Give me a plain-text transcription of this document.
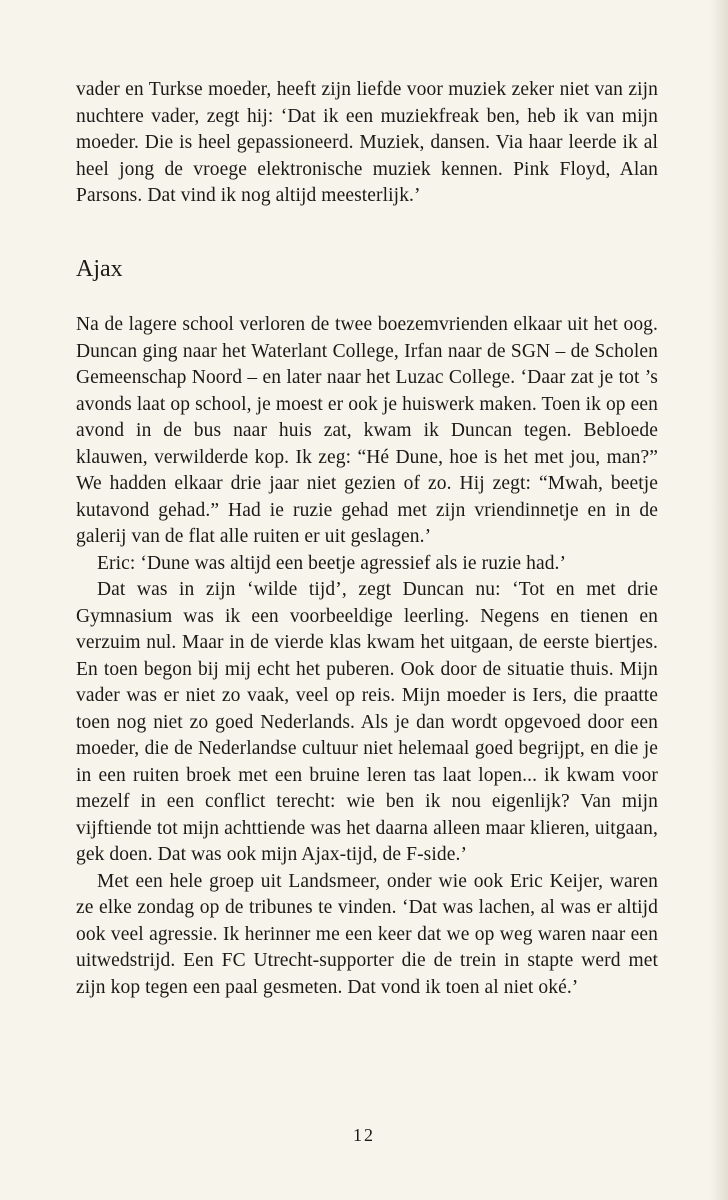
vader en Turkse moeder, heeft zijn liefde voor muziek zeker niet van zijn nuchtere vader, zegt hij: ‘Dat ik een muziekfreak ben, heb ik van mijn moeder. Die is heel gepassioneerd. Muziek, dansen. Via haar leerde ik al heel jong de vroege elektronische muziek kennen. Pink Floyd, Alan Parsons. Dat vind ik nog altijd meesterlijk.’

Ajax

Na de lagere school verloren de twee boezemvrienden elkaar uit het oog. Duncan ging naar het Waterlant College, Irfan naar de SGN – de Scholen Gemeenschap Noord – en later naar het Luzac College. ‘Daar zat je tot ’s avonds laat op school, je moest er ook je huiswerk maken. Toen ik op een avond in de bus naar huis zat, kwam ik Duncan tegen. Bebloede klauwen, verwilderde kop. Ik zeg: “Hé Dune, hoe is het met jou, man?” We hadden elkaar drie jaar niet gezien of zo. Hij zegt: “Mwah, beetje kutavond gehad.” Had ie ruzie gehad met zijn vriendinnetje en in de galerij van de flat alle ruiten er uit geslagen.’

Eric: ‘Dune was altijd een beetje agressief als ie ruzie had.’

Dat was in zijn ‘wilde tijd’, zegt Duncan nu: ‘Tot en met drie Gymnasium was ik een voorbeeldige leerling. Negens en tienen en verzuim nul. Maar in de vierde klas kwam het uitgaan, de eerste biertjes. En toen begon bij mij echt het puberen. Ook door de situatie thuis. Mijn vader was er niet zo vaak, veel op reis. Mijn moeder is Iers, die praatte toen nog niet zo goed Nederlands. Als je dan wordt opgevoed door een moeder, die de Nederlandse cultuur niet helemaal goed begrijpt, en die je in een ruiten broek met een bruine leren tas laat lopen... ik kwam voor mezelf in een conflict terecht: wie ben ik nou eigenlijk? Van mijn vijftiende tot mijn achttiende was het daarna alleen maar klieren, uitgaan, gek doen. Dat was ook mijn Ajax-tijd, de F-side.’

Met een hele groep uit Landsmeer, onder wie ook Eric Keijer, waren ze elke zondag op de tribunes te vinden. ‘Dat was lachen, al was er altijd ook veel agressie. Ik herinner me een keer dat we op weg waren naar een uitwedstrijd. Een FC Utrecht-supporter die de trein in stapte werd met zijn kop tegen een paal gesmeten. Dat vond ik toen al niet oké.’

12
